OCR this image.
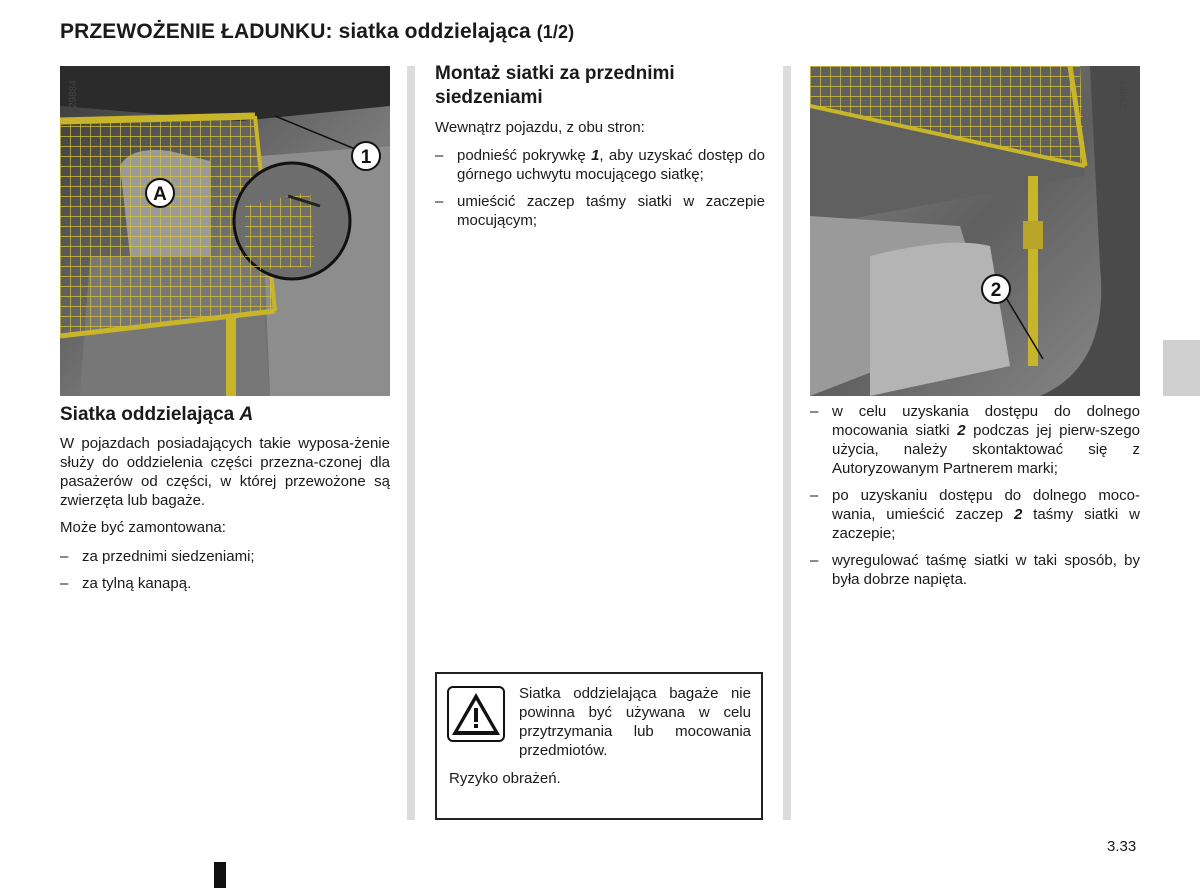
PRZEWOŻENIE ŁADUNKU: siatka oddzielająca (1/2)
1
A
29884
2
29885
Siatka oddzielająca A
W pojazdach posiadających takie wyposa-żenie służy do oddzielenia części przezna-czonej dla pasażerów od części, w której przewożone są zwierzęta lub bagaże.
Może być zamontowana:
– za przednimi siedzeniami;
– za tylną kanapą.
Montaż siatki za przednimi siedzeniami
Wewnątrz pojazdu, z obu stron:
– podnieść pokrywkę 1, aby uzyskać dostęp do górnego uchwytu mocującego siatkę;
– umieścić zaczep taśmy siatki w zaczepie mocującym;
Siatka oddzielająca bagaże nie powinna być używana w celu przytrzymania lub mocowania przedmiotów.
Ryzyko obrażeń.
– w celu uzyskania dostępu do dolnego mocowania siatki 2 podczas jej pierw-szego użycia, należy skontaktować się z Autoryzowanym Partnerem marki;
– po uzyskaniu dostępu do dolnego moco-wania, umieścić zaczep 2 taśmy siatki w zaczepie;
– wyregulować taśmę siatki w taki sposób, by była dobrze napięta.
3.33
